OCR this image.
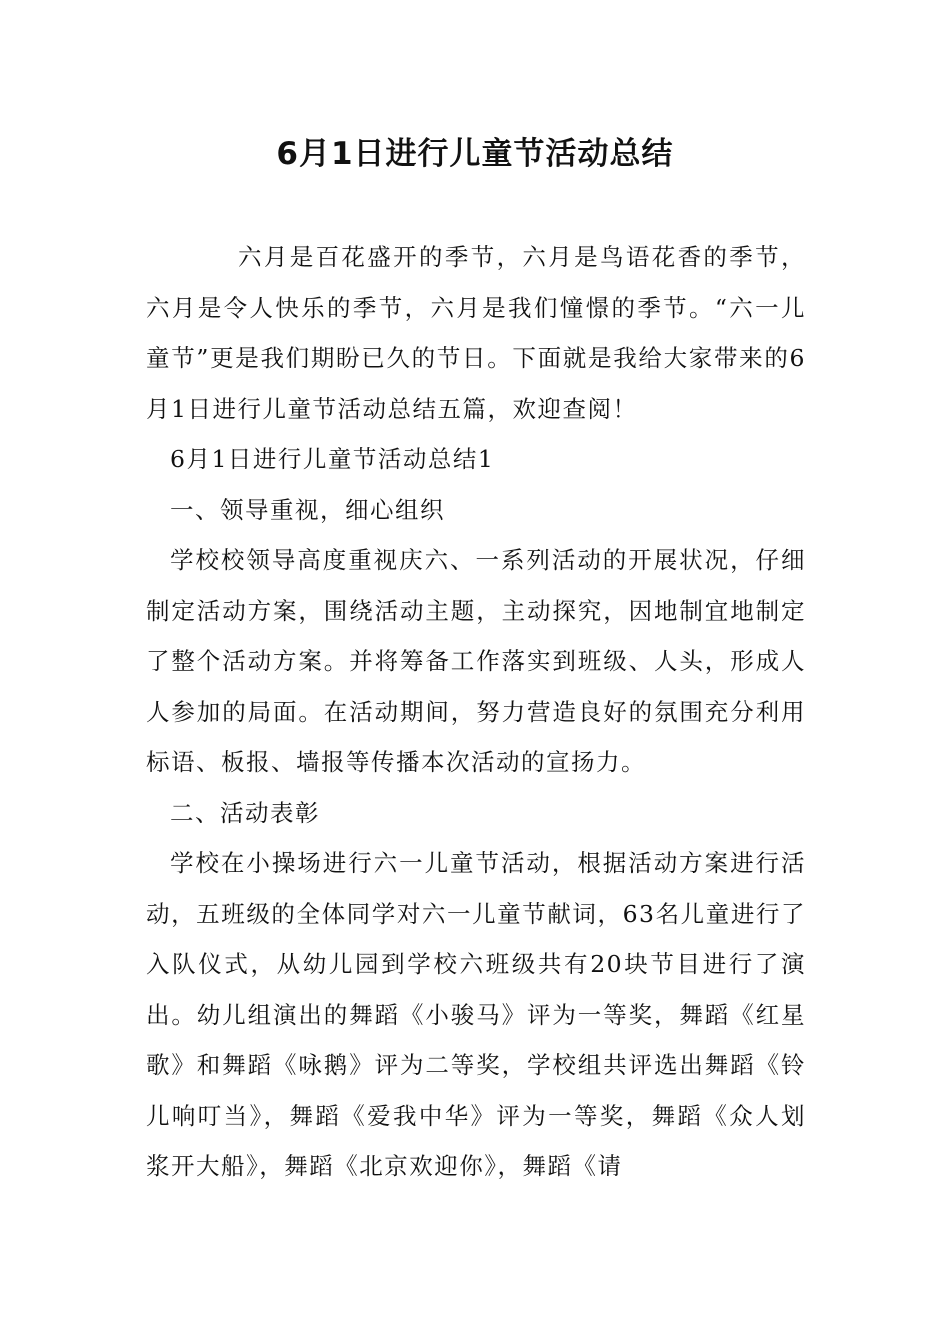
6月1日进行儿童节活动总结

六月是百花盛开的季节，六月是鸟语花香的季节，六月是令人快乐的季节，六月是我们憧憬的季节。“六一儿童节”更是我们期盼已久的节日。下面就是我给大家带来的6月1日进行儿童节活动总结五篇，欢迎查阅！

6月1日进行儿童节活动总结1

一、领导重视，细心组织

学校校领导高度重视庆六、一系列活动的开展状况，仔细制定活动方案，围绕活动主题，主动探究，因地制宜地制定了整个活动方案。并将筹备工作落实到班级、人头，形成人人参加的局面。在活动期间，努力营造良好的氛围充分利用标语、板报、墙报等传播本次活动的宣扬力。

二、活动表彰

学校在小操场进行六一儿童节活动，根据活动方案进行活动，五班级的全体同学对六一儿童节献词，63名儿童进行了入队仪式，从幼儿园到学校六班级共有20块节目进行了演出。幼儿组演出的舞蹈《小骏马》评为一等奖，舞蹈《红星歌》和舞蹈《咏鹅》评为二等奖，学校组共评选出舞蹈《铃儿响叮当》，舞蹈《爱我中华》评为一等奖，舞蹈《众人划浆开大船》，舞蹈《北京欢迎你》，舞蹈《请
